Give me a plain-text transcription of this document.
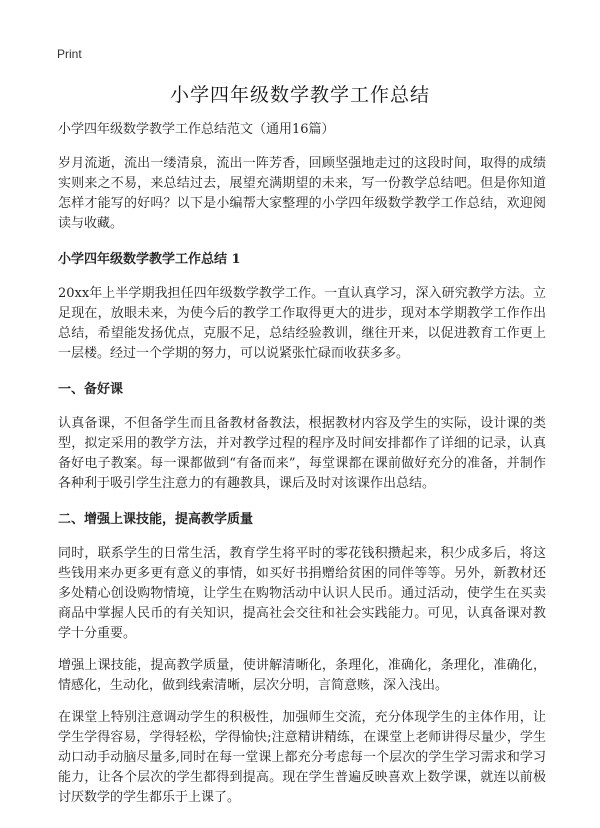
Print
小学四年级数学教学工作总结

小学四年级数学教学工作总结范文（通用16篇）

岁月流逝，流出一缕清泉，流出一阵芳香，回顾坚强地走过的这段时间，取得的成绩实则来之不易，来总结过去，展望充满期望的未来，写一份教学总结吧。但是你知道怎样才能写的好吗？以下是小编帮大家整理的小学四年级数学教学工作总结，欢迎阅读与收藏。

小学四年级数学教学工作总结 1

20xx年上半学期我担任四年级数学教学工作。一直认真学习，深入研究教学方法。立足现在，放眼未来，为使今后的教学工作取得更大的进步，现对本学期教学工作作出总结，希望能发扬优点，克服不足，总结经验教训，继往开来，以促进教育工作更上一层楼。经过一个学期的努力，可以说紧张忙碌而收获多多。

一、备好课

认真备课，不但备学生而且备教材备教法，根据教材内容及学生的实际，设计课的类型，拟定采用的教学方法，并对教学过程的程序及时间安排都作了详细的记录，认真备好电子教案。每一课都做到“有备而来”，每堂课都在课前做好充分的准备，并制作各种利于吸引学生注意力的有趣教具，课后及时对该课作出总结。

二、增强上课技能，提高教学质量

同时，联系学生的日常生活，教育学生将平时的零花钱积攒起来，积少成多后，将这些钱用来办更多更有意义的事情，如买好书捐赠给贫困的同伴等等。另外，新教材还多处精心创设购物情境，让学生在购物活动中认识人民币。通过活动，使学生在买卖商品中掌握人民币的有关知识，提高社会交往和社会实践能力。可见，认真备课对教学十分重要。

增强上课技能，提高教学质量，使讲解清晰化，条理化，准确化，条理化，准确化，情感化，生动化，做到线索清晰，层次分明，言简意赅，深入浅出。

在课堂上特别注意调动学生的积极性，加强师生交流，充分体现学生的主体作用，让学生学得容易，学得轻松，学得愉快;注意精讲精练，在课堂上老师讲得尽量少，学生动口动手动脑尽量多,同时在每一堂课上都充分考虑每一个层次的学生学习需求和学习能力，让各个层次的学生都得到提高。现在学生普遍反映喜欢上数学课，就连以前极讨厌数学的学生都乐于上课了。
